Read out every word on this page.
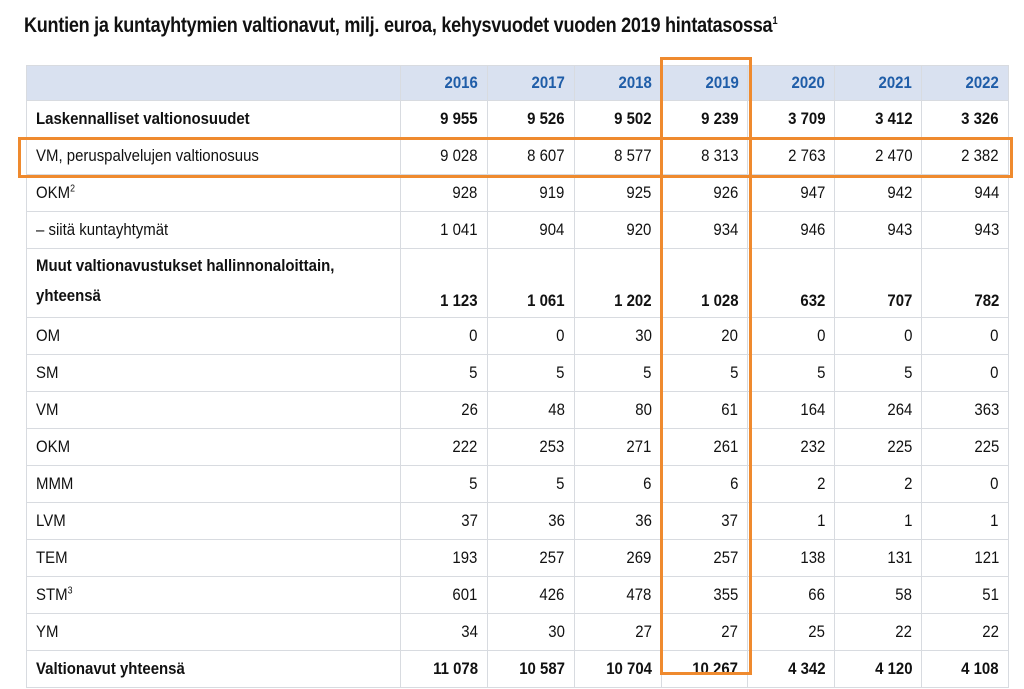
Kuntien ja kuntayhtymien valtionavut, milj. euroa, kehysvuodet vuoden 2019 hintatasossa$^1$
	2016	2017	2018	2019	2020	2021	2022
Laskennalliset valtionosuudet	9 955	9 526	9 502	9 239	3 709	3 412	3 326
VM, peruspalvelujen valtionosuus	9 028	8 607	8 577	8 313	2 763	2 470	2 382
OKM$^2$	928	919	925	926	947	942	944
– siitä kuntayhtymät	1 041	904	920	934	946	943	943
Muut valtionavustukset hallinnonaloittain,
yhteensä	1 123	1 061	1 202	1 028	632	707	782
OM	0	0	30	20	0	0	0
SM	5	5	5	5	5	5	0
VM	26	48	80	61	164	264	363
OKM	222	253	271	261	232	225	225
MMM	5	5	6	6	2	2	0
LVM	37	36	36	37	1	1	1
TEM	193	257	269	257	138	131	121
STM$^3$	601	426	478	355	66	58	51
YM	34	30	27	27	25	22	22
Valtionavut yhteensä	11 078	10 587	10 704	10 267	4 342	4 120	4 108
